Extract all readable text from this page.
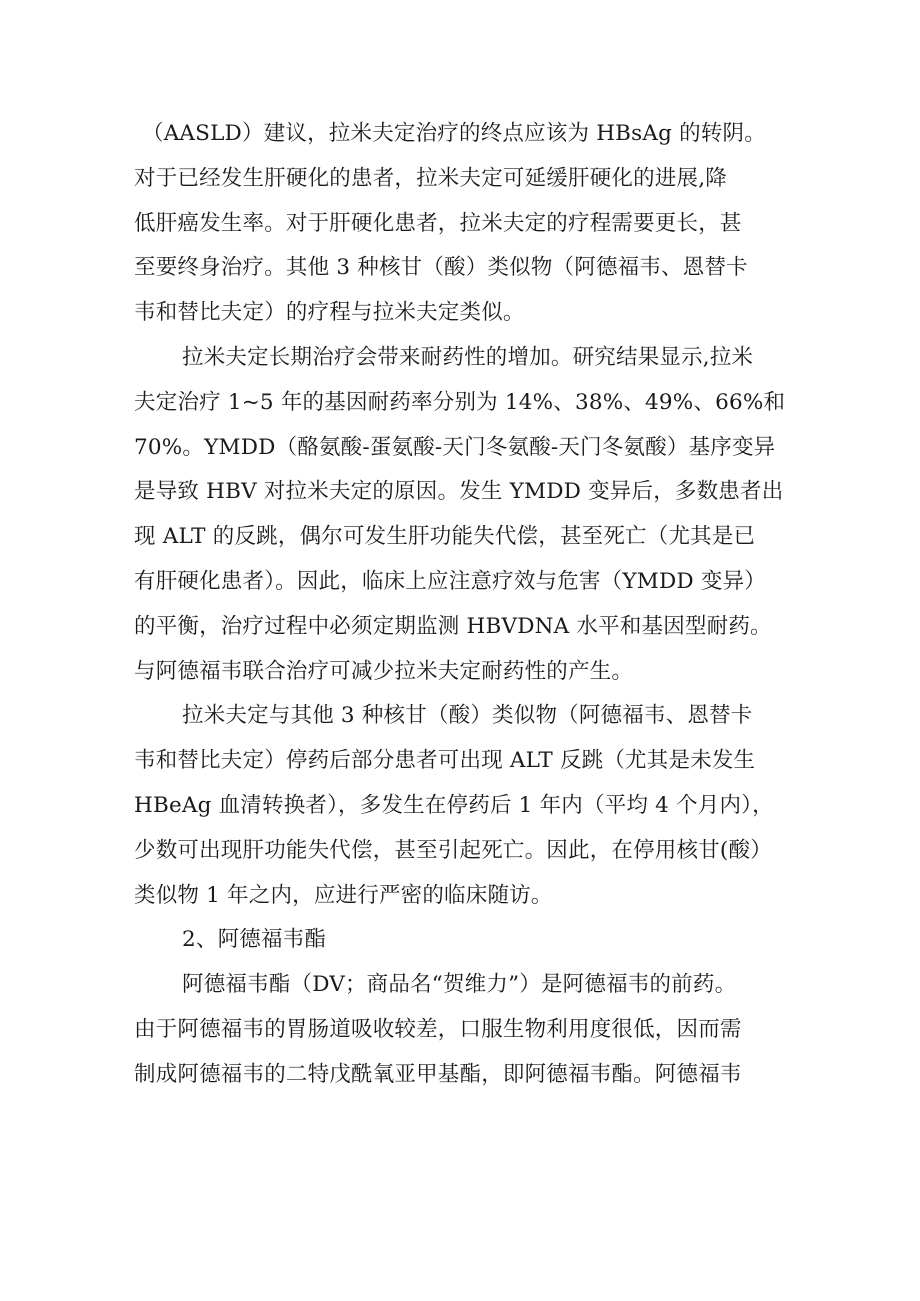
（AASLD）建议，拉米夫定治疗的终点应该为 HBsAg 的转阴。
对于已经发生肝硬化的患者，拉米夫定可延缓肝硬化的进展,降
低肝癌发生率。对于肝硬化患者，拉米夫定的疗程需要更长，甚
至要终身治疗。其他 3 种核甘（酸）类似物（阿德福韦、恩替卡
韦和替比夫定）的疗程与拉米夫定类似。
拉米夫定长期治疗会带来耐药性的增加。研究结果显示,拉米
夫定治疗 1~5 年的基因耐药率分别为 14%、38%、49%、66%和
70%。YMDD（酪氨酸-蛋氨酸-天门冬氨酸-天门冬氨酸）基序变异
是导致 HBV 对拉米夫定的原因。发生 YMDD 变异后，多数患者出
现 ALT 的反跳，偶尔可发生肝功能失代偿，甚至死亡（尤其是已
有肝硬化患者）。因此，临床上应注意疗效与危害（YMDD 变异）
的平衡，治疗过程中必须定期监测 HBVDNA 水平和基因型耐药。
与阿德福韦联合治疗可减少拉米夫定耐药性的产生。
拉米夫定与其他 3 种核甘（酸）类似物（阿德福韦、恩替卡
韦和替比夫定）停药后部分患者可出现 ALT 反跳（尤其是未发生
HBeAg 血清转换者），多发生在停药后 1 年内（平均 4 个月内），
少数可出现肝功能失代偿，甚至引起死亡。因此，在停用核甘(酸）
类似物 1 年之内，应进行严密的临床随访。
2、阿德福韦酯
阿德福韦酯（DV；商品名“贺维力”）是阿德福韦的前药。
由于阿德福韦的胃肠道吸收较差，口服生物利用度很低，因而需
制成阿德福韦的二特戊酰氧亚甲基酯，即阿德福韦酯。阿德福韦
